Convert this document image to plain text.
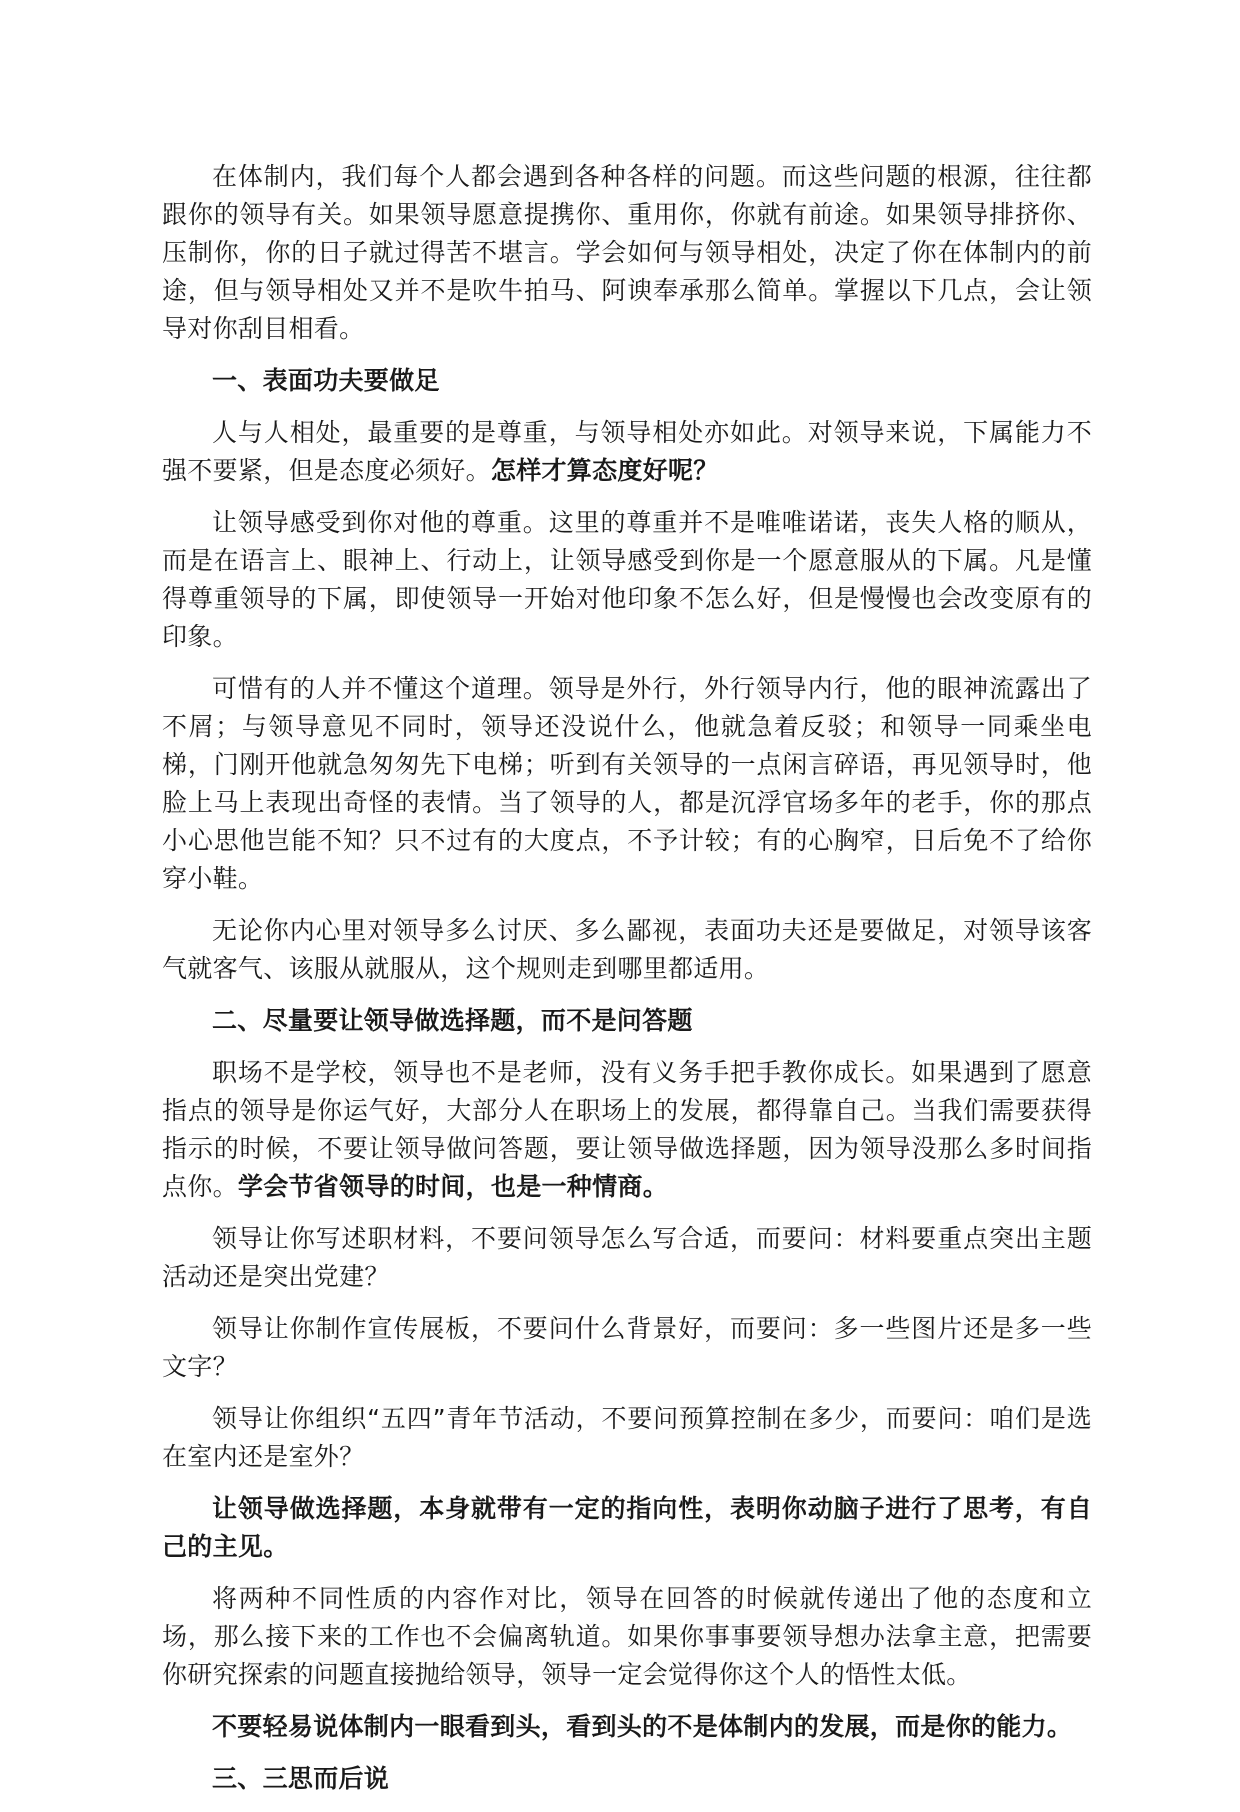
在体制内，我们每个人都会遇到各种各样的问题。而这些问题的根源，往往都跟你的领导有关。如果领导愿意提携你、重用你，你就有前途。如果领导排挤你、压制你，你的日子就过得苦不堪言。学会如何与领导相处，决定了你在体制内的前途，但与领导相处又并不是吹牛拍马、阿谀奉承那么简单。掌握以下几点，会让领导对你刮目相看。

一、表面功夫要做足

人与人相处，最重要的是尊重，与领导相处亦如此。对领导来说，下属能力不强不要紧，但是态度必须好。怎样才算态度好呢？

让领导感受到你对他的尊重。这里的尊重并不是唯唯诺诺，丧失人格的顺从，而是在语言上、眼神上、行动上，让领导感受到你是一个愿意服从的下属。凡是懂得尊重领导的下属，即使领导一开始对他印象不怎么好，但是慢慢也会改变原有的印象。

可惜有的人并不懂这个道理。领导是外行，外行领导内行，他的眼神流露出了不屑；与领导意见不同时，领导还没说什么，他就急着反驳；和领导一同乘坐电梯，门刚开他就急匆匆先下电梯；听到有关领导的一点闲言碎语，再见领导时，他脸上马上表现出奇怪的表情。当了领导的人，都是沉浮官场多年的老手，你的那点小心思他岂能不知？只不过有的大度点，不予计较；有的心胸窄，日后免不了给你穿小鞋。

无论你内心里对领导多么讨厌、多么鄙视，表面功夫还是要做足，对领导该客气就客气、该服从就服从，这个规则走到哪里都适用。

二、尽量要让领导做选择题，而不是问答题

职场不是学校，领导也不是老师，没有义务手把手教你成长。如果遇到了愿意指点的领导是你运气好，大部分人在职场上的发展，都得靠自己。当我们需要获得指示的时候，不要让领导做问答题，要让领导做选择题，因为领导没那么多时间指点你。学会节省领导的时间，也是一种情商。

领导让你写述职材料，不要问领导怎么写合适，而要问：材料要重点突出主题活动还是突出党建？

领导让你制作宣传展板，不要问什么背景好，而要问：多一些图片还是多一些文字？

领导让你组织“五四”青年节活动，不要问预算控制在多少，而要问：咱们是选在室内还是室外？

让领导做选择题，本身就带有一定的指向性，表明你动脑子进行了思考，有自己的主见。

将两种不同性质的内容作对比，领导在回答的时候就传递出了他的态度和立场，那么接下来的工作也不会偏离轨道。如果你事事要领导想办法拿主意，把需要你研究探索的问题直接抛给领导，领导一定会觉得你这个人的悟性太低。

不要轻易说体制内一眼看到头，看到头的不是体制内的发展，而是你的能力。

三、三思而后说
